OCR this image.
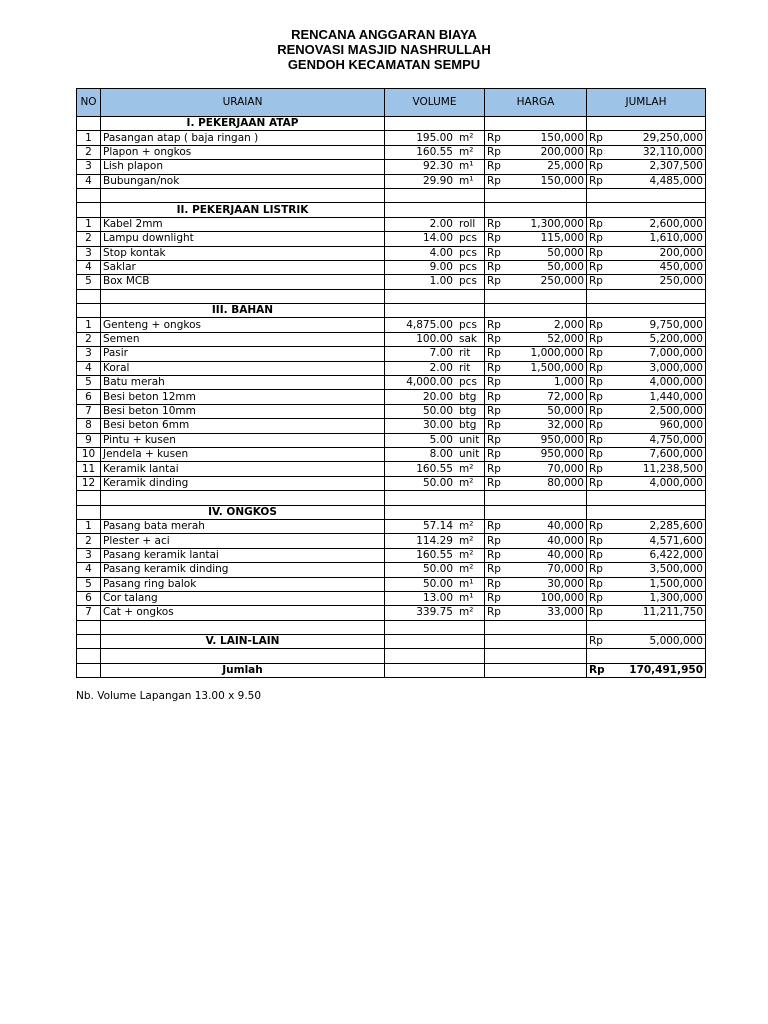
RENCANA ANGGARAN BIAYA
RENOVASI MASJID NASHRULLAH
GENDOH KECAMATAN SEMPU
NO	URAIAN	VOLUME	HARGA	JUMLAH
	I. PEKERJAAN ATAP			
1	Pasangan atap ( baja ringan )	195.00 m²	Rp 150,000	Rp 29,250,000

2	Plapon + ongkos	160.55 m²	Rp 200,000	Rp 32,110,000

3	Lish plapon	92.30 m¹	Rp 25,000	Rp 2,307,500

4	Bubungan/nok	29.90 m¹	Rp 150,000	Rp 4,485,000

	II. PEKERJAAN LISTRIK			
1	Kabel 2mm	2.00 roll	Rp 1,300,000	Rp 2,600,000

2	Lampu downlight	14.00 pcs	Rp 115,000	Rp 1,610,000

3	Stop kontak	4.00 pcs	Rp 50,000	Rp 200,000

4	Saklar	9.00 pcs	Rp 50,000	Rp 450,000

5	Box MCB	1.00 pcs	Rp 250,000	Rp 250,000

	III. BAHAN			
1	Genteng + ongkos	4,875.00 pcs	Rp 2,000	Rp 9,750,000

2	Semen	100.00 sak	Rp 52,000	Rp 5,200,000

3	Pasir	7.00 rit	Rp 1,000,000	Rp 7,000,000

4	Koral	2.00 rit	Rp 1,500,000	Rp 3,000,000

5	Batu merah	4,000.00 pcs	Rp 1,000	Rp 4,000,000

6	Besi beton 12mm	20.00 btg	Rp 72,000	Rp 1,440,000

7	Besi beton 10mm	50.00 btg	Rp 50,000	Rp 2,500,000

8	Besi beton 6mm	30.00 btg	Rp 32,000	Rp 960,000

9	Pintu + kusen	5.00 unit	Rp 950,000	Rp 4,750,000

10	Jendela + kusen	8.00 unit	Rp 950,000	Rp 7,600,000

11	Keramik lantai	160.55 m²	Rp 70,000	Rp 11,238,500

12	Keramik dinding	50.00 m²	Rp 80,000	Rp 4,000,000

	IV. ONGKOS			
1	Pasang bata merah	57.14 m²	Rp 40,000	Rp 2,285,600

2	Plester + aci	114.29 m²	Rp 40,000	Rp 4,571,600

3	Pasang keramik lantai	160.55 m²	Rp 40,000	Rp 6,422,000

4	Pasang keramik dinding	50.00 m²	Rp 70,000	Rp 3,500,000

5	Pasang ring balok	50.00 m¹	Rp 30,000	Rp 1,500,000

6	Cor talang	13.00 m¹	Rp 100,000	Rp 1,300,000

7	Cat + ongkos	339.75 m²	Rp 33,000	Rp 11,211,750

	V. LAIN-LAIN			Rp 5,000,000

	Jumlah			Rp 170,491,950
Nb. Volume Lapangan 13.00 x 9.50
